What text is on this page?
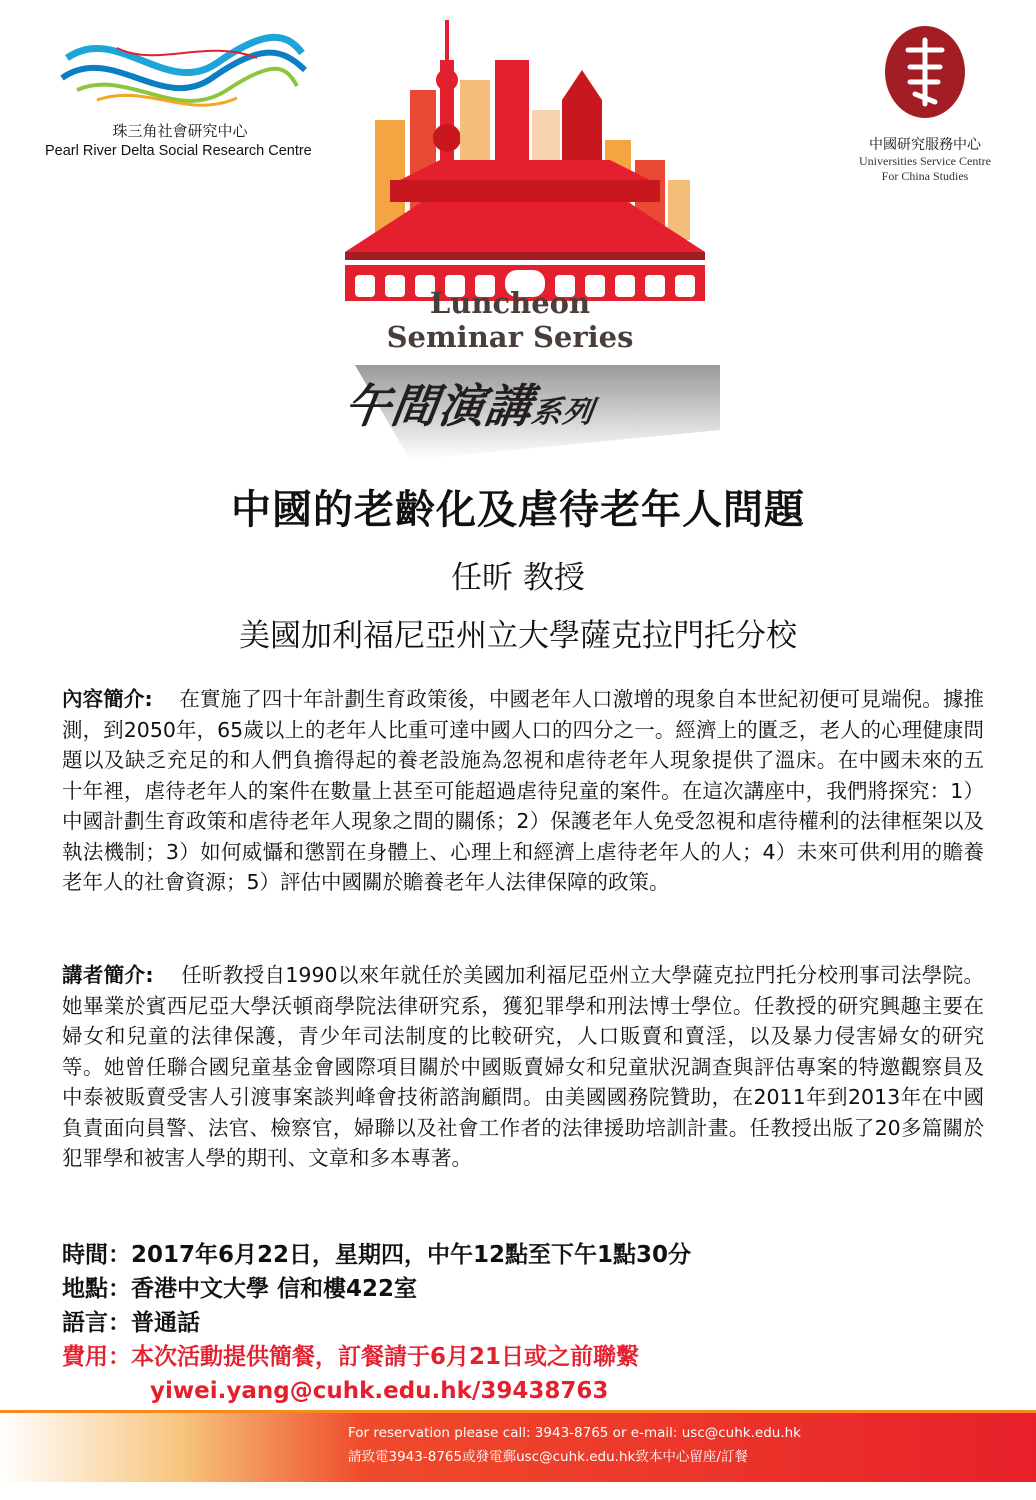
珠三角社會研究中心
Pearl River Delta Social Research Centre	中國研究服務中心
Universities Service Centre
For China Studies
Luncheon
Seminar Series
午間演講系列
中國的老齡化及虐待老年人問題
任昕 教授
美國加利福尼亞州立大學薩克拉門托分校
內容簡介: 在實施了四十年計劃生育政策後，中國老年人口激增的現象自本世紀初便可見端倪。據推測，到2050年，65歲以上的老年人比重可達中國人口的四分之一。經濟上的匱乏，老人的心理健康問題以及缺乏充足的和人們負擔得起的養老設施為忽視和虐待老年人現象提供了溫床。在中國未來的五十年裡，虐待老年人的案件在數量上甚至可能超過虐待兒童的案件。在這次講座中，我們將探究：1）中國計劃生育政策和虐待老年人現象之間的關係；2）保護老年人免受忽視和虐待權利的法律框架以及執法機制；3）如何威懾和懲罰在身體上、心理上和經濟上虐待老年人的人；4）未來可供利用的贍養老年人的社會資源；5）評估中國關於贍養老年人法律保障的政策。
講者簡介: 任昕教授自1990以來年就任於美國加利福尼亞州立大學薩克拉門托分校刑事司法學院。她畢業於賓西尼亞大學沃頓商學院法律研究系，獲犯罪學和刑法博士學位。任教授的研究興趣主要在婦女和兒童的法律保護，青少年司法制度的比較研究，人口販賣和賣淫，以及暴力侵害婦女的研究等。她曾任聯合國兒童基金會國際項目關於中國販賣婦女和兒童狀況調查與評估專案的特邀觀察員及中泰被販賣受害人引渡事案談判峰會技術諮詢顧問。由美國國務院贊助，在2011年到2013年在中國負責面向員警、法官、檢察官，婦聯以及社會工作者的法律援助培訓計畫。任教授出版了20多篇關於犯罪學和被害人學的期刊、文章和多本專著。
時間：2017年6月22日，星期四，中午12點至下午1點30分
地點：香港中文大學 信和樓422室
語言：普通話
費用：本次活動提供簡餐，訂餐請于6月21日或之前聯繫
yiwei.yang@cuhk.edu.hk/39438763
For reservation please call: 3943-8765 or e-mail: usc@cuhk.edu.hk
請致電3943-8765或發電郵usc@cuhk.edu.hk致本中心留座/訂餐
